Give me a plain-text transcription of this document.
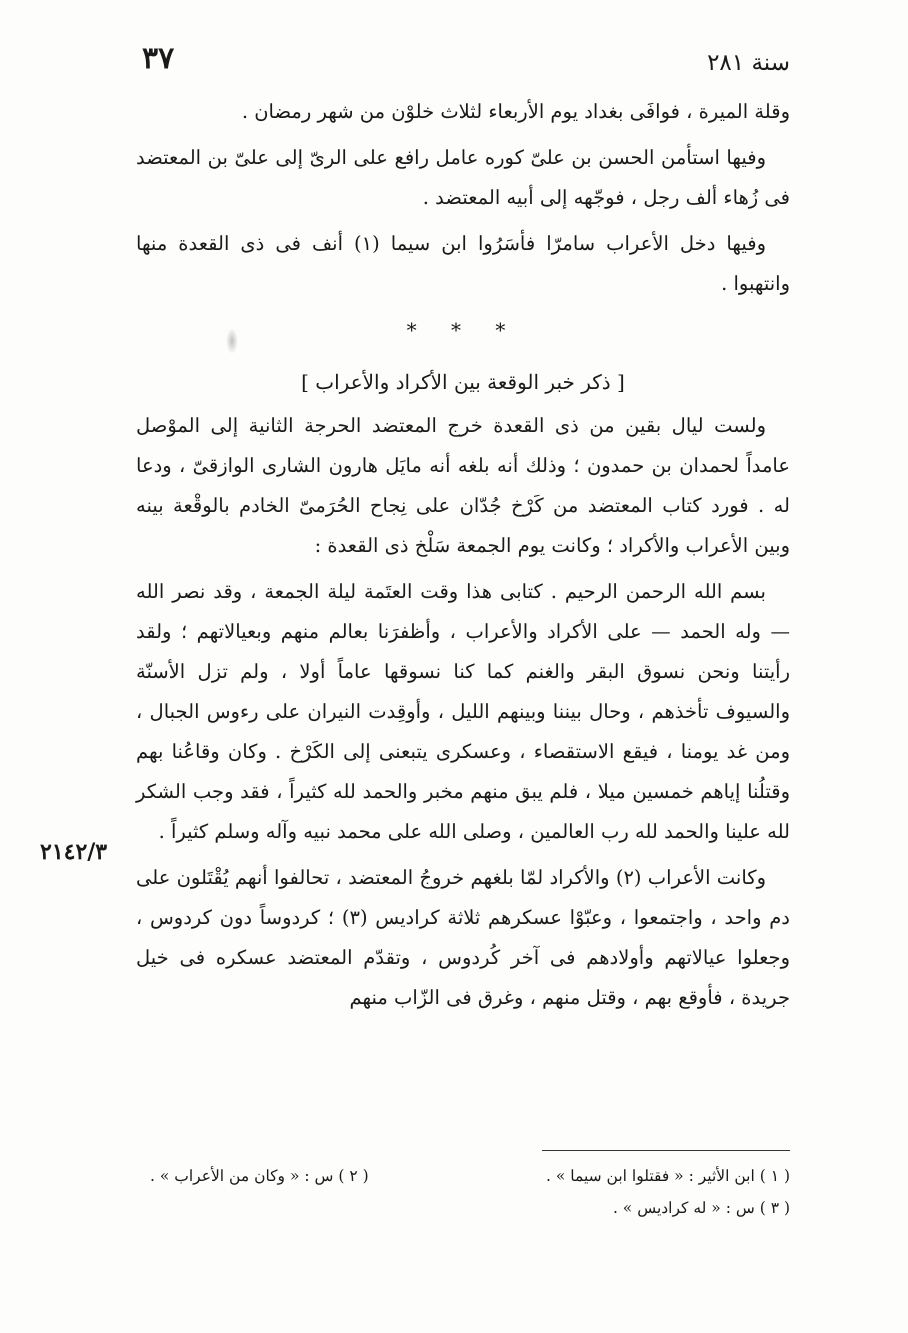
٣٧	سنة ٢٨١

وقلة الميرة ، فوافَى بغداد يوم الأربعاء لثلاث خلوْن من شهر رمضان .

وفيها استأمن الحسن بن علىّ كوره عامل رافع على الرىّ إلى علىّ بن المعتضد فى زُهاء ألف رجل ، فوجّهه إلى أبيه المعتضد .

وفيها دخل الأعراب سامرّا فأسَرُوا ابن سيما (١) أنف فى ذى القعدة منها وانتهبوا .

* * *
[ ذكر خبر الوقعة بين الأكراد والأعراب ]

ولست ليال بقين من ذى القعدة خرج المعتضد الحرجة الثانية إلى الموْصل عامداً لحمدان بن حمدون ؛ وذلك أنه بلغه أنه مايَل هارون الشارى الوازقىّ ، ودعا له . فورد كتاب المعتضد من كَرْخ جُدّان على نِجاح الحُرَمىّ الخادم بالوقْعة بينه وبين الأعراب والأكراد ؛ وكانت يوم الجمعة سَلْخ ذى القعدة :

بسم الله الرحمن الرحيم . كتابى هذا وقت العتَمة ليلة الجمعة ، وقد نصر الله — وله الحمد — على الأكراد والأعراب ، وأظفرَنا بعالم منهم وبعيالاتهم ؛ ولقد رأيتنا ونحن نسوق البقر والغنم كما كنا نسوقها عاماً أولا ، ولم تزل الأسنّة والسيوف تأخذهم ، وحال بيننا وبينهم الليل ، وأوقِدت النيران على رءوس الجبال ، ومن غد يومنا ، فيقع الاستقصاء ، وعسكرى يتبعنى إلى الكَرْخ . وكان وقاعُنا بهم وقتلُنا إياهم خمسين ميلا ، فلم يبق منهم مخبر والحمد لله كثيراً ، فقد وجب الشكر لله علينا والحمد لله رب العالمين ، وصلى الله على محمد نبيه وآله وسلم كثيراً .

وكانت الأعراب (٢) والأكراد لمّا بلغهم خروجُ المعتضد ، تحالفوا أنهم يُقْتَلون على دم واحد ، واجتمعوا ، وعبّوْا عسكرهم ثلاثة كراديس (٣) ؛ كردوساً دون كردوس ، وجعلوا عيالاتهم وأولادهم فى آخر كُردوس ، وتقدّم المعتضد عسكره فى خيل جريدة ، فأوقع بهم ، وقتل منهم ، وغرق فى الزّاب منهم

٢١٤٢/٣
( ١ ) ابن الأثير : « فقتلوا ابن سيما » .
( ٢ ) س : « وكان من الأعراب » .
( ٣ ) س : « له كراديس » .
